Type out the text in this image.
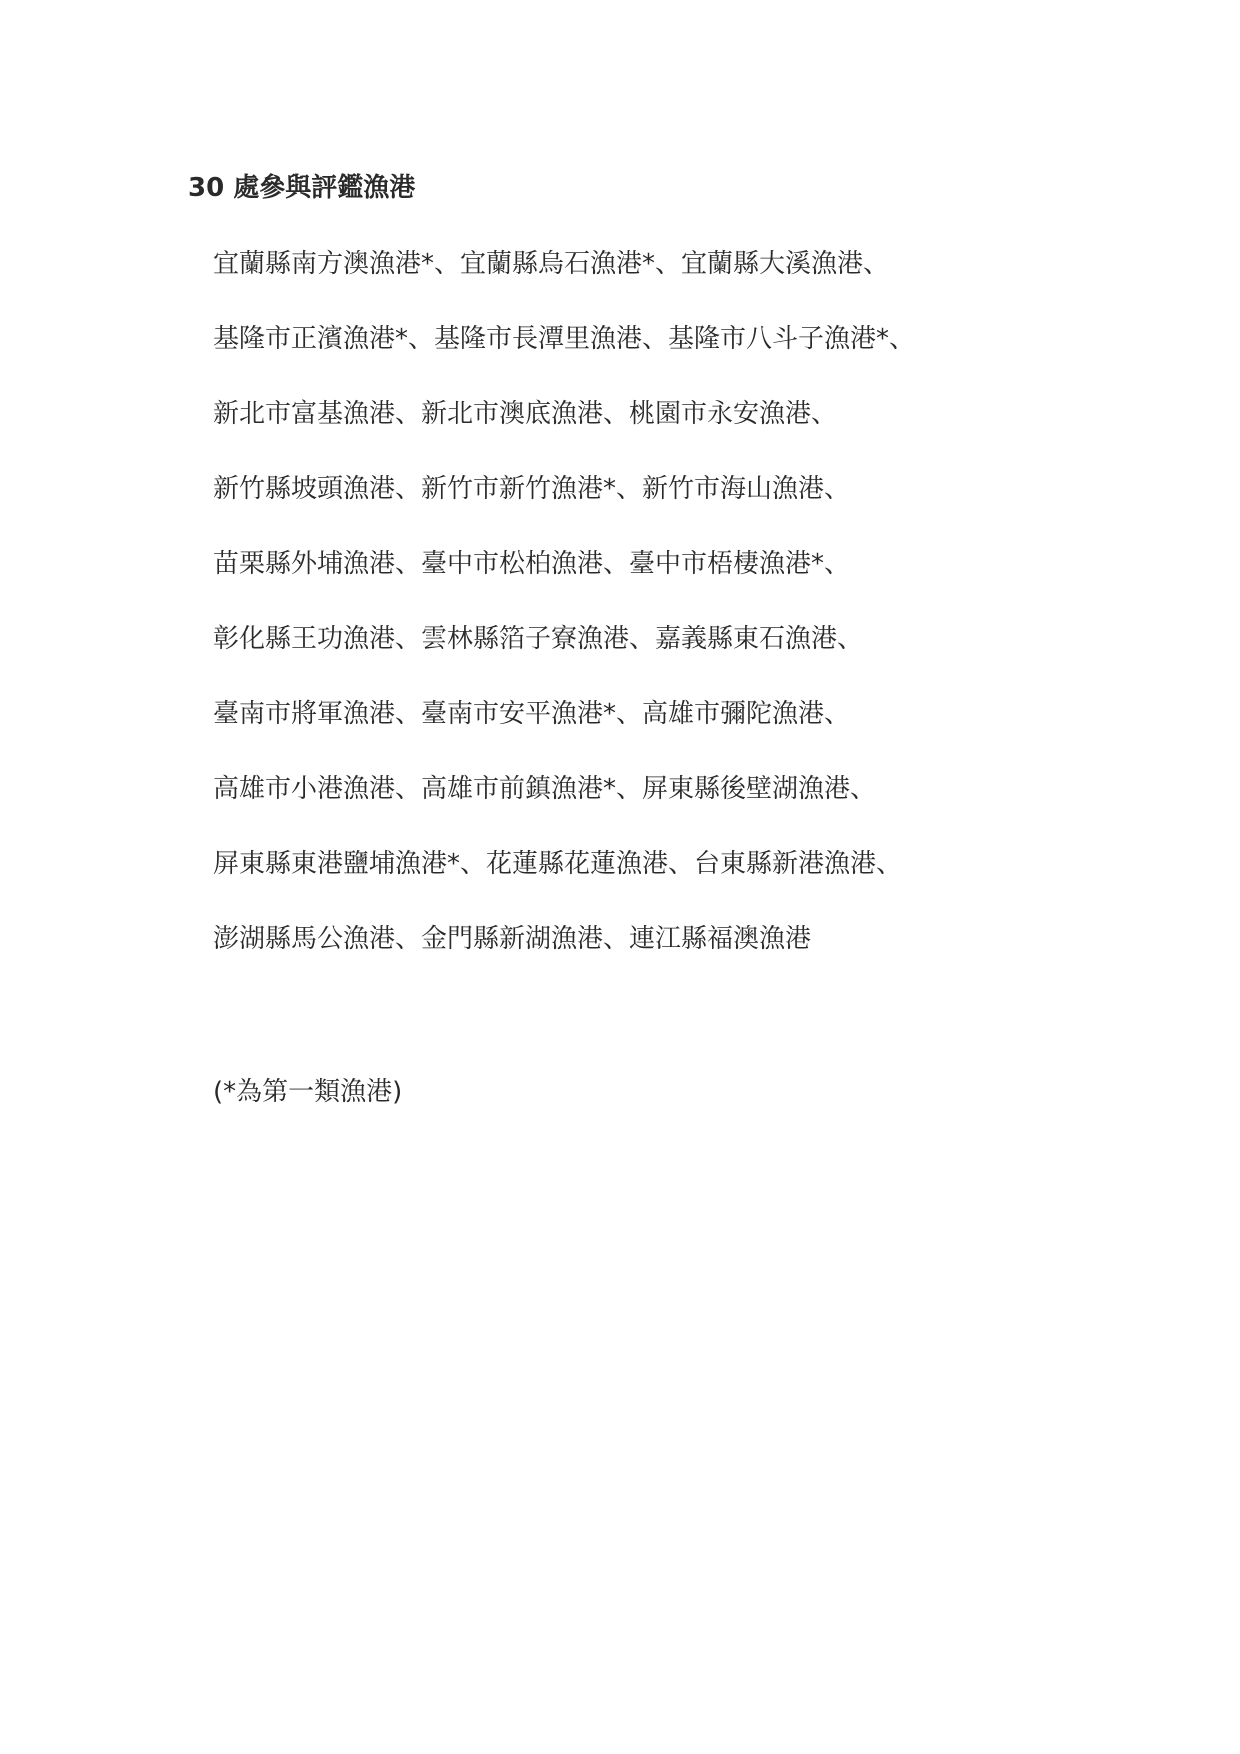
30 處參與評鑑漁港
宜蘭縣南方澳漁港*、宜蘭縣烏石漁港*、宜蘭縣大溪漁港、
基隆市正濱漁港*、基隆市長潭里漁港、基隆市八斗子漁港*、
新北市富基漁港、新北市澳底漁港、桃園市永安漁港、
新竹縣坡頭漁港、新竹市新竹漁港*、新竹市海山漁港、
苗栗縣外埔漁港、臺中市松柏漁港、臺中市梧棲漁港*、
彰化縣王功漁港、雲林縣箔子寮漁港、嘉義縣東石漁港、
臺南市將軍漁港、臺南市安平漁港*、高雄市彌陀漁港、
高雄市小港漁港、高雄市前鎮漁港*、屏東縣後壁湖漁港、
屏東縣東港鹽埔漁港*、花蓮縣花蓮漁港、台東縣新港漁港、
澎湖縣馬公漁港、金門縣新湖漁港、連江縣福澳漁港

(*為第一類漁港)
